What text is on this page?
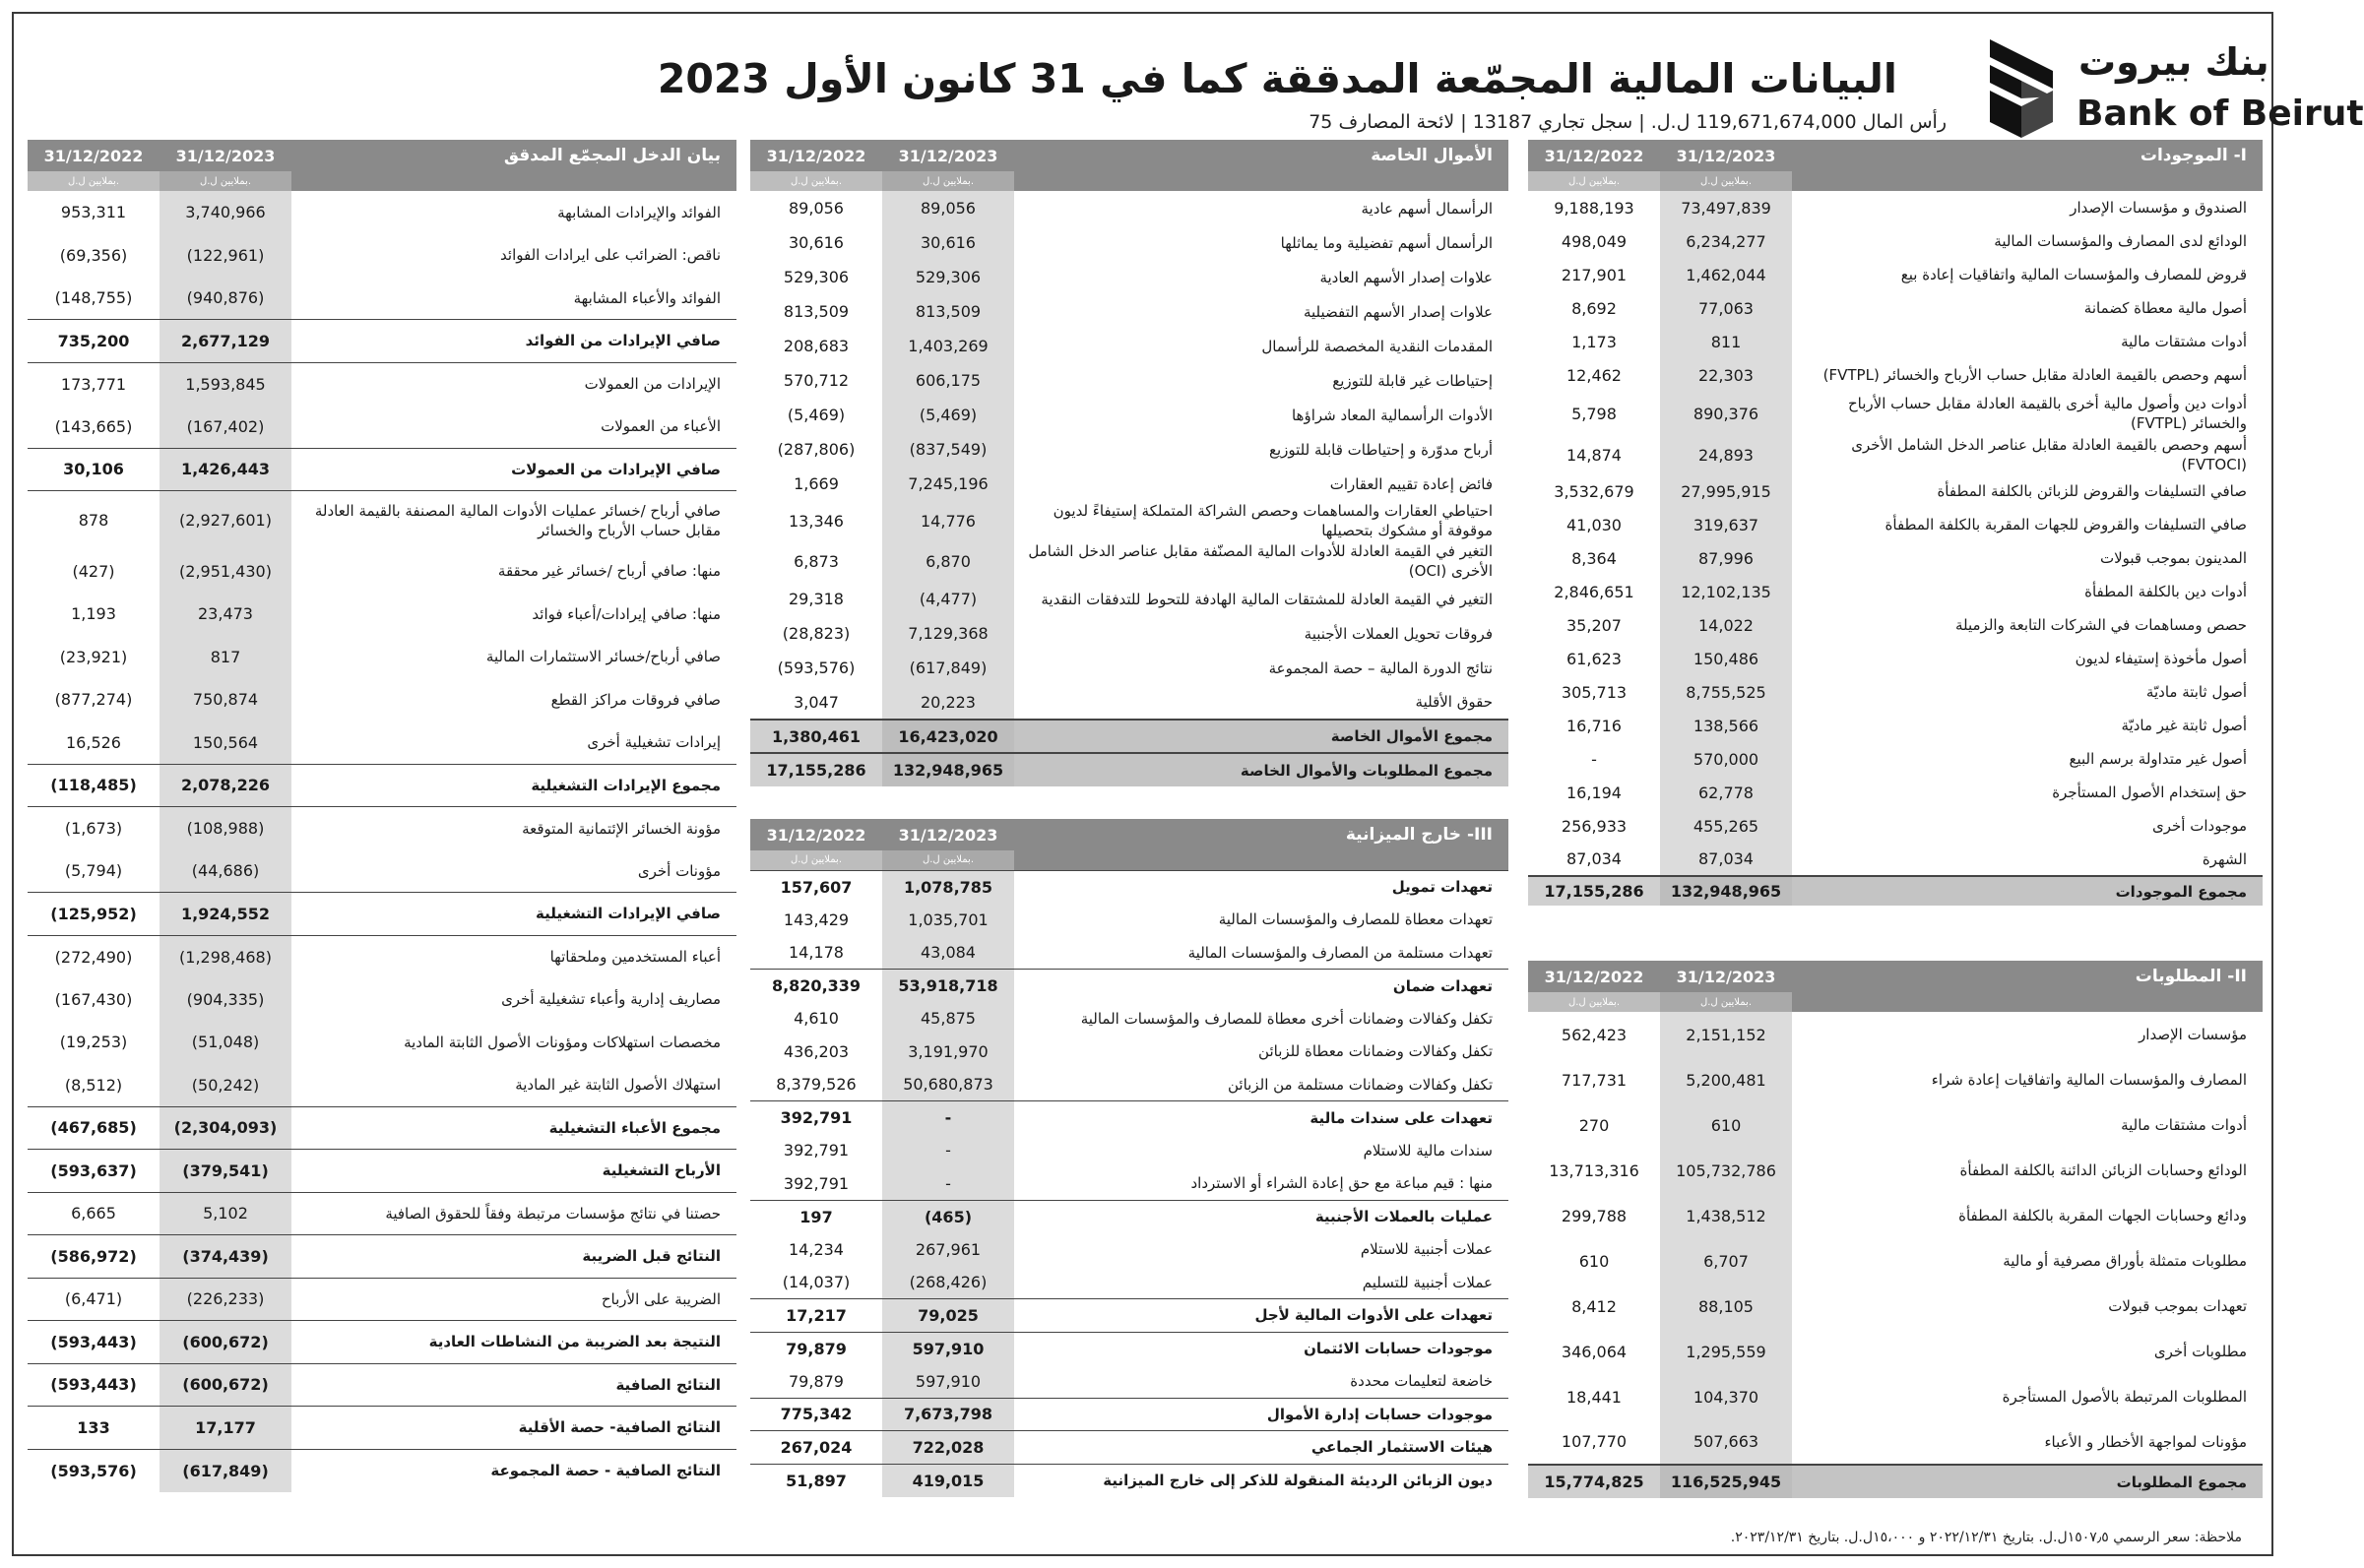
بنك بيروت
Bank of Beirut
البيانات المالية المجمّعة المدققة كما في 31 كانون الأول 2023
رأس المال 119,671,674,000 ل.ل. | سجل تجاري 13187 | لائحة المصارف 75
31/12/2022	31/12/2023	I- الموجودات
بملايين ل.ل.	بملايين ل.ل.	
9,188,193	73,497,839	الصندوق و مؤسسات الإصدار
498,049	6,234,277	الودائع لدى المصارف والمؤسسات المالية
217,901	1,462,044	قروض للمصارف والمؤسسات المالية واتفاقيات إعادة بيع
8,692	77,063	أصول مالية معطاة كضمانة
1,173	811	أدوات مشتقات مالية
12,462	22,303	أسهم وحصص بالقيمة العادلة مقابل حساب الأرباح والخسائر (FVTPL)
5,798	890,376	أدوات دين وأصول مالية أخرى بالقيمة العادلة مقابل حساب الأرباح والخسائر (FVTPL)
14,874	24,893	أسهم وحصص بالقيمة العادلة مقابل عناصر الدخل الشامل الأخرى (FVTOCI)
3,532,679	27,995,915	صافي التسليفات والقروض للزبائن بالكلفة المطفأة
41,030	319,637	صافي التسليفات والقروض للجهات المقربة بالكلفة المطفأة
8,364	87,996	المدينون بموجب قبولات
2,846,651	12,102,135	أدوات دين بالكلفة المطفأة
35,207	14,022	حصص ومساهمات في الشركات التابعة والزميلة
61,623	150,486	أصول مأخوذة إستيفاء لديون
305,713	8,755,525	أصول ثابتة ماديّة
16,716	138,566	أصول ثابتة غير ماديّة
-	570,000	أصول غير متداولة برسم البيع
16,194	62,778	حق إستخدام الأصول المستأجرة
256,933	455,265	موجودات أخرى
87,034	87,034	الشهرة
17,155,286	132,948,965	مجموع الموجودات
31/12/2022	31/12/2023	II- المطلوبات
بملايين ل.ل.	بملايين ل.ل.	
562,423	2,151,152	مؤسسات الإصدار
717,731	5,200,481	المصارف والمؤسسات المالية واتفاقيات إعادة شراء
270	610	أدوات مشتقات مالية
13,713,316	105,732,786	الودائع وحسابات الزبائن الدائنة بالكلفة المطفأة
299,788	1,438,512	ودائع وحسابات الجهات المقربة بالكلفة المطفأة
610	6,707	مطلوبات متمثلة بأوراق مصرفية أو مالية
8,412	88,105	تعهدات بموجب قبولات
346,064	1,295,559	مطلوبات أخرى
18,441	104,370	المطلوبات المرتبطة بالأصول المستأجرة
107,770	507,663	مؤونات لمواجهة الأخطار و الأعباء
15,774,825	116,525,945	مجموع المطلوبات
31/12/2022	31/12/2023	الأموال الخاصة
بملايين ل.ل.	بملايين ل.ل.	
89,056	89,056	الرأسمال أسهم عادية
30,616	30,616	الرأسمال أسهم تفضيلية وما يماثلها
529,306	529,306	علاوات إصدار الأسهم العادية
813,509	813,509	علاوات إصدار الأسهم التفضيلية
208,683	1,403,269	المقدمات النقدية المخصصة للرأسمال
570,712	606,175	إحتياطات غير قابلة للتوزيع
(5,469)	(5,469)	الأدوات الرأسمالية المعاد شراؤها
(287,806)	(837,549)	أرباح مدوّرة و إحتياطات قابلة للتوزيع
1,669	7,245,196	فائض إعادة تقييم العقارات
13,346	14,776	احتياطي العقارات والمساهمات وحصص الشراكة المتملكة إستيفاءً لديون موقوفة أو مشكوك بتحصيلها
6,873	6,870	التغير في القيمة العادلة للأدوات المالية المصنّفة مقابل عناصر الدخل الشامل الأخرى (OCI)
29,318	(4,477)	التغير في القيمة العادلة للمشتقات المالية الهادفة للتحوط للتدفقات النقدية
(28,823)	7,129,368	فروقات تحويل العملات الأجنبية
(593,576)	(617,849)	نتائج الدورة المالية – حصة المجموعة
3,047	20,223	حقوق الأقلية
1,380,461	16,423,020	مجموع الأموال الخاصة
17,155,286	132,948,965	مجموع المطلوبات والأموال الخاصة
31/12/2022	31/12/2023	III- خارج الميزانية
بملايين ل.ل.	بملايين ل.ل.	
157,607	1,078,785	تعهدات تمويل
143,429	1,035,701	تعهدات معطاة للمصارف والمؤسسات المالية
14,178	43,084	تعهدات مستلمة من المصارف والمؤسسات المالية
8,820,339	53,918,718	تعهدات ضمان
4,610	45,875	تكفل وكفالات وضمانات أخرى معطاة للمصارف والمؤسسات المالية
436,203	3,191,970	تكفل وكفالات وضمانات معطاة للزبائن
8,379,526	50,680,873	تكفل وكفالات وضمانات مستلمة من الزبائن
392,791	-	تعهدات على سندات مالية
392,791	-	سندات مالية للاستلام
392,791	-	منها : قيم مباعة مع حق إعادة الشراء أو الاسترداد
197	(465)	عمليات بالعملات الأجنبية
14,234	267,961	عملات أجنبية للاستلام
(14,037)	(268,426)	عملات أجنبية للتسليم
17,217	79,025	تعهدات على الأدوات المالية لأجل
79,879	597,910	موجودات حسابات الائتمان
79,879	597,910	خاضعة لتعليمات محددة
775,342	7,673,798	موجودات حسابات إدارة الأموال
267,024	722,028	هيئات الاستثمار الجماعي
51,897	419,015	ديون الزبائن الرديئة المنقولة للذكر إلى خارج الميزانية
31/12/2022	31/12/2023	بيان الدخل المجمّع المدقق
بملايين ل.ل.	بملايين ل.ل.	
953,311	3,740,966	الفوائد والإيرادات المشابهة
(69,356)	(122,961)	ناقص: الضرائب على ايرادات الفوائد
(148,755)	(940,876)	الفوائد والأعباء المشابهة
735,200	2,677,129	صافي الإيرادات من الفوائد
173,771	1,593,845	الإيرادات من العمولات
(143,665)	(167,402)	الأعباء من العمولات
30,106	1,426,443	صافي الإيرادات من العمولات
878	(2,927,601)	صافي أرباح /خسائر عمليات الأدوات المالية المصنفة بالقيمة العادلة مقابل حساب الأرباح والخسائر
(427)	(2,951,430)	منها: صافي أرباح /خسائر غير محققة
1,193	23,473	منها: صافي إيرادات/أعباء فوائد
(23,921)	817	صافي أرباح/خسائر الاستثمارات المالية
(877,274)	750,874	صافي فروقات مراكز القطع
16,526	150,564	إيرادات تشغيلية أخرى
(118,485)	2,078,226	مجموع الإيرادات التشغيلية
(1,673)	(108,988)	مؤونة الخسائر الإئتمانية المتوقعة
(5,794)	(44,686)	مؤونات أخرى
(125,952)	1,924,552	صافي الإيرادات التشغيلية
(272,490)	(1,298,468)	أعباء المستخدمين وملحقاتها
(167,430)	(904,335)	مصاريف إدارية وأعباء تشغيلية أخرى
(19,253)	(51,048)	مخصصات استهلاكات ومؤونات الأصول الثابتة المادية
(8,512)	(50,242)	استهلاك الأصول الثابتة غير المادية
(467,685)	(2,304,093)	مجموع الأعباء التشغيلية
(593,637)	(379,541)	الأرباح التشغيلية
6,665	5,102	حصتنا في نتائج مؤسسات مرتبطة وفقاً للحقوق الصافية
(586,972)	(374,439)	النتائج قبل الضريبة
(6,471)	(226,233)	الضريبة على الأرباح
(593,443)	(600,672)	النتيجة بعد الضريبة من النشاطات العادية
(593,443)	(600,672)	النتائج الصافية
133	17,177	النتائج الصافية- حصة الأقلية
(593,576)	(617,849)	النتائج الصافية - حصة المجموعة
ملاحظة: سعر الرسمي ١٥٠٧٫٥ل.ل. بتاريخ ٢٠٢٢/١٢/٣١ و ١٥،٠٠٠ل.ل. بتاريخ ٢٠٢٣/١٢/٣١.
